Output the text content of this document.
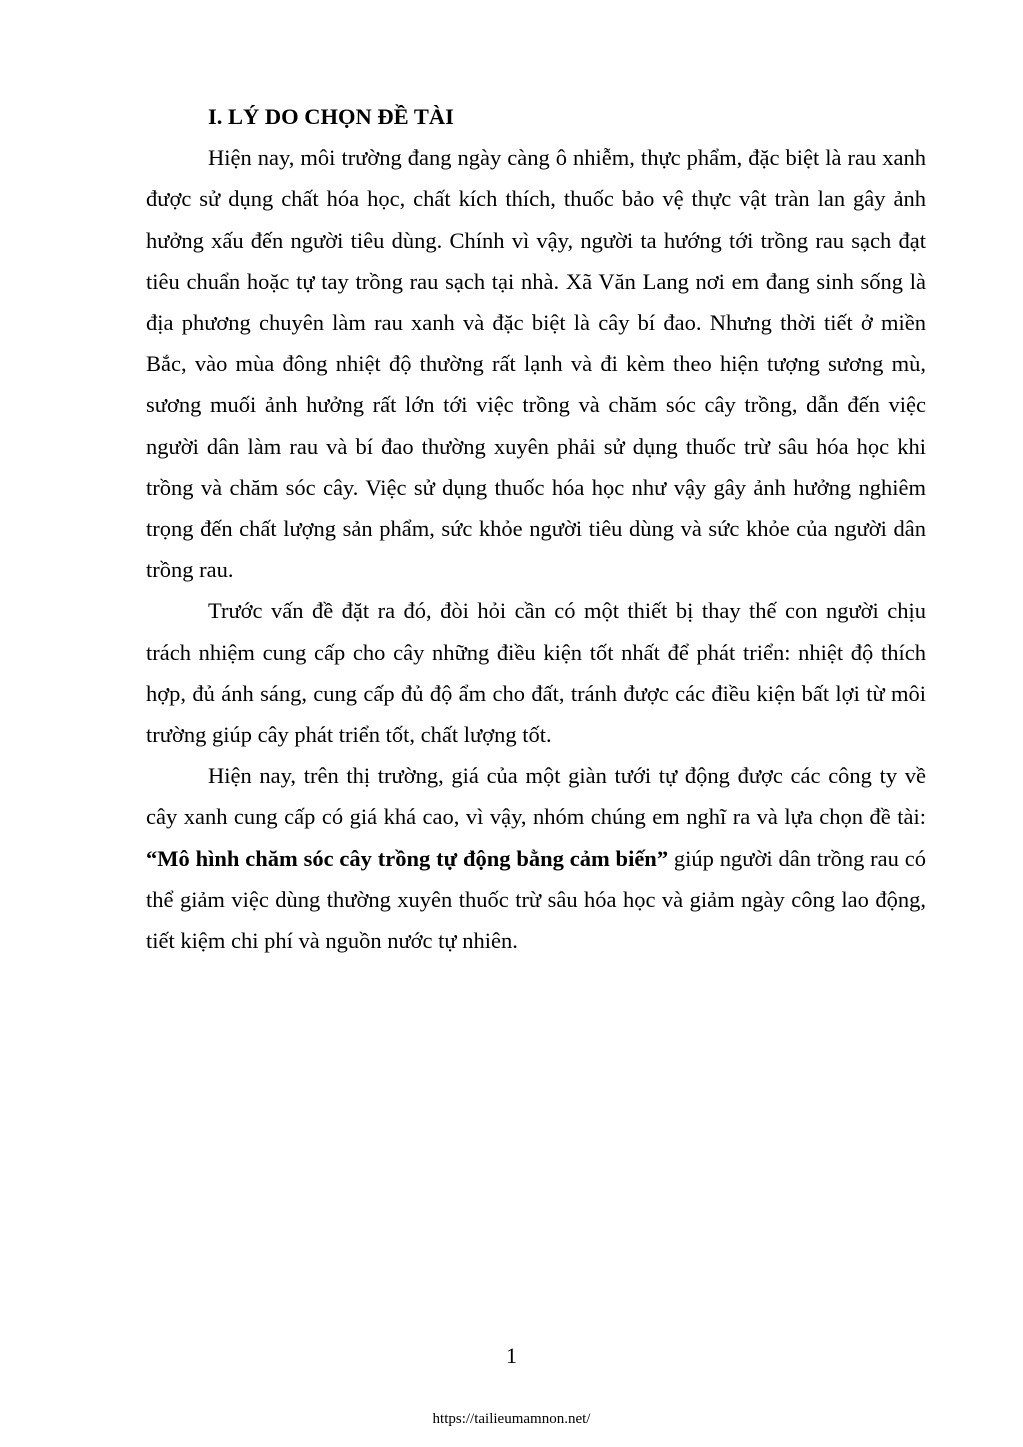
I. LÝ DO CHỌN ĐỀ TÀI

Hiện nay, môi trường đang ngày càng ô nhiễm, thực phẩm, đặc biệt là rau xanh được sử dụng chất hóa học, chất kích thích, thuốc bảo vệ thực vật tràn lan gây ảnh hưởng xấu đến người tiêu dùng. Chính vì vậy, người ta hướng tới trồng rau sạch đạt tiêu chuẩn hoặc tự tay trồng rau sạch tại nhà. Xã Văn Lang nơi em đang sinh sống là địa phương chuyên làm rau xanh và đặc biệt là cây bí đao. Nhưng thời tiết ở miền Bắc, vào mùa đông nhiệt độ thường rất lạnh và đi kèm theo hiện tượng sương mù, sương muối ảnh hưởng rất lớn tới việc trồng và chăm sóc cây trồng, dẫn đến việc người dân làm rau và bí đao thường xuyên phải sử dụng thuốc trừ sâu hóa học khi trồng và chăm sóc cây. Việc sử dụng thuốc hóa học như vậy gây ảnh hưởng nghiêm trọng đến chất lượng sản phẩm, sức khỏe người tiêu dùng và sức khỏe của người dân trồng rau.

Trước vấn đề đặt ra đó, đòi hỏi cần có một thiết bị thay thế con người chịu trách nhiệm cung cấp cho cây những điều kiện tốt nhất để phát triển: nhiệt độ thích hợp, đủ ánh sáng, cung cấp đủ độ ẩm cho đất, tránh được các điều kiện bất lợi từ môi trường giúp cây phát triển tốt, chất lượng tốt.

Hiện nay, trên thị trường, giá của một giàn tưới tự động được các công ty về cây xanh cung cấp có giá khá cao, vì vậy, nhóm chúng em nghĩ ra và lựa chọn đề tài: “Mô hình chăm sóc cây trồng tự động bằng cảm biến” giúp người dân trồng rau có thể giảm việc dùng thường xuyên thuốc trừ sâu hóa học và giảm ngày công lao động, tiết kiệm chi phí và nguồn nước tự nhiên.

1
https://tailieumamnon.net/
